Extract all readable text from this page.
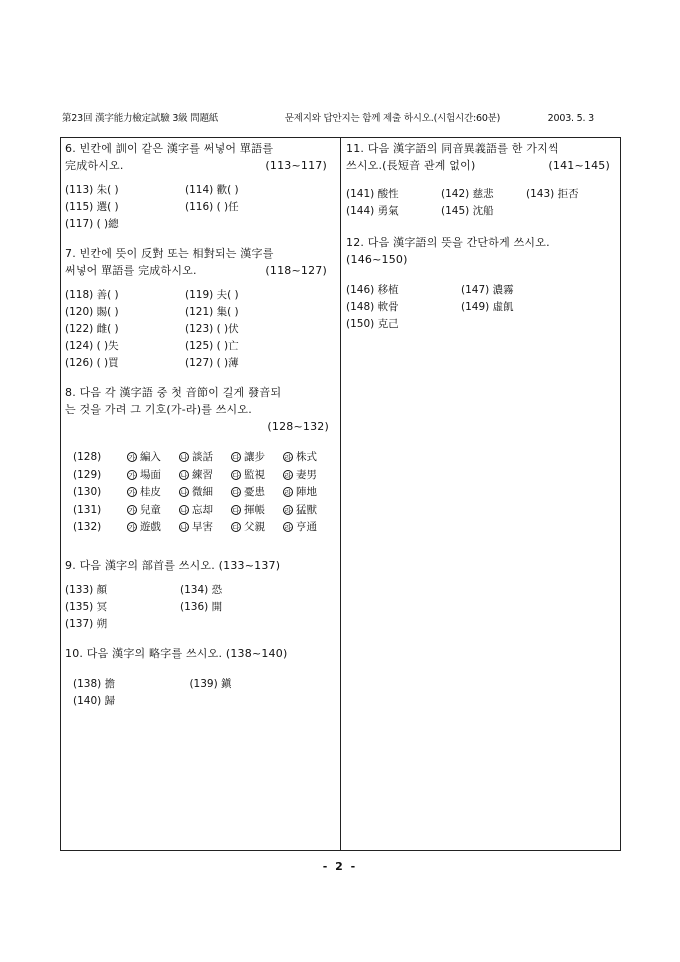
第23回 漢字能力檢定試驗 3級 問題紙	문제지와 답안지는 함께 제출 하시오.(시험시간:60분)	2003. 5. 3
6. 빈칸에 訓이 같은 漢字를 써넣어 單語를
完成하시오.	(113~117)
(113) 朱( )	(114) 歡( )
(115) 選( )	(116) ( )任
(117) ( )總
7. 빈칸에 뜻이 反對 또는 相對되는 漢字를
써넣어 單語를 完成하시오.	(118~127)
(118) 善( )	(119) 夫( )
(120) 賜( )	(121) 集( )
(122) 雌( )	(123) ( )伏
(124) ( )失	(125) ( )亡
(126) ( )買	(127) ( )薄
8. 다음 각 漢字語 중 첫 音節이 길게 發音되
는 것을 가려 그 기호(가-라)를 쓰시오.
(128~132)
(128)	가 編入	나 談話	다 讓步	라 株式
(129)	가 場面	나 練習	다 監視	라 妻男
(130)	가 桂皮	나 微細	다 憂患	라 陣地
(131)	가 兒童	나 忘却	다 揮帳	라 猛獸
(132)	가 遊戲	나 早害	다 父親	라 亨通
9. 다음 漢字의 部首를 쓰시오. (133~137)
(133) 顏	(134) 恐
(135) 冥	(136) 開
(137) 朔
10. 다음 漢字의 略字를 쓰시오. (138~140)
(138) 擔	(139) 鎭
(140) 歸
11. 다음 漢字語의 同音異義語를 한 가지씩
쓰시오.(長短音 관계 없이)	(141~145)
(141) 酸性	(142) 慈悲	(143) 拒否
(144) 勇氣	(145) 沈船
12. 다음 漢字語의 뜻을 간단하게 쓰시오.
(146~150)
(146) 移植	(147) 濃霧
(148) 軟骨	(149) 虛飢
(150) 克己
- 2 -
